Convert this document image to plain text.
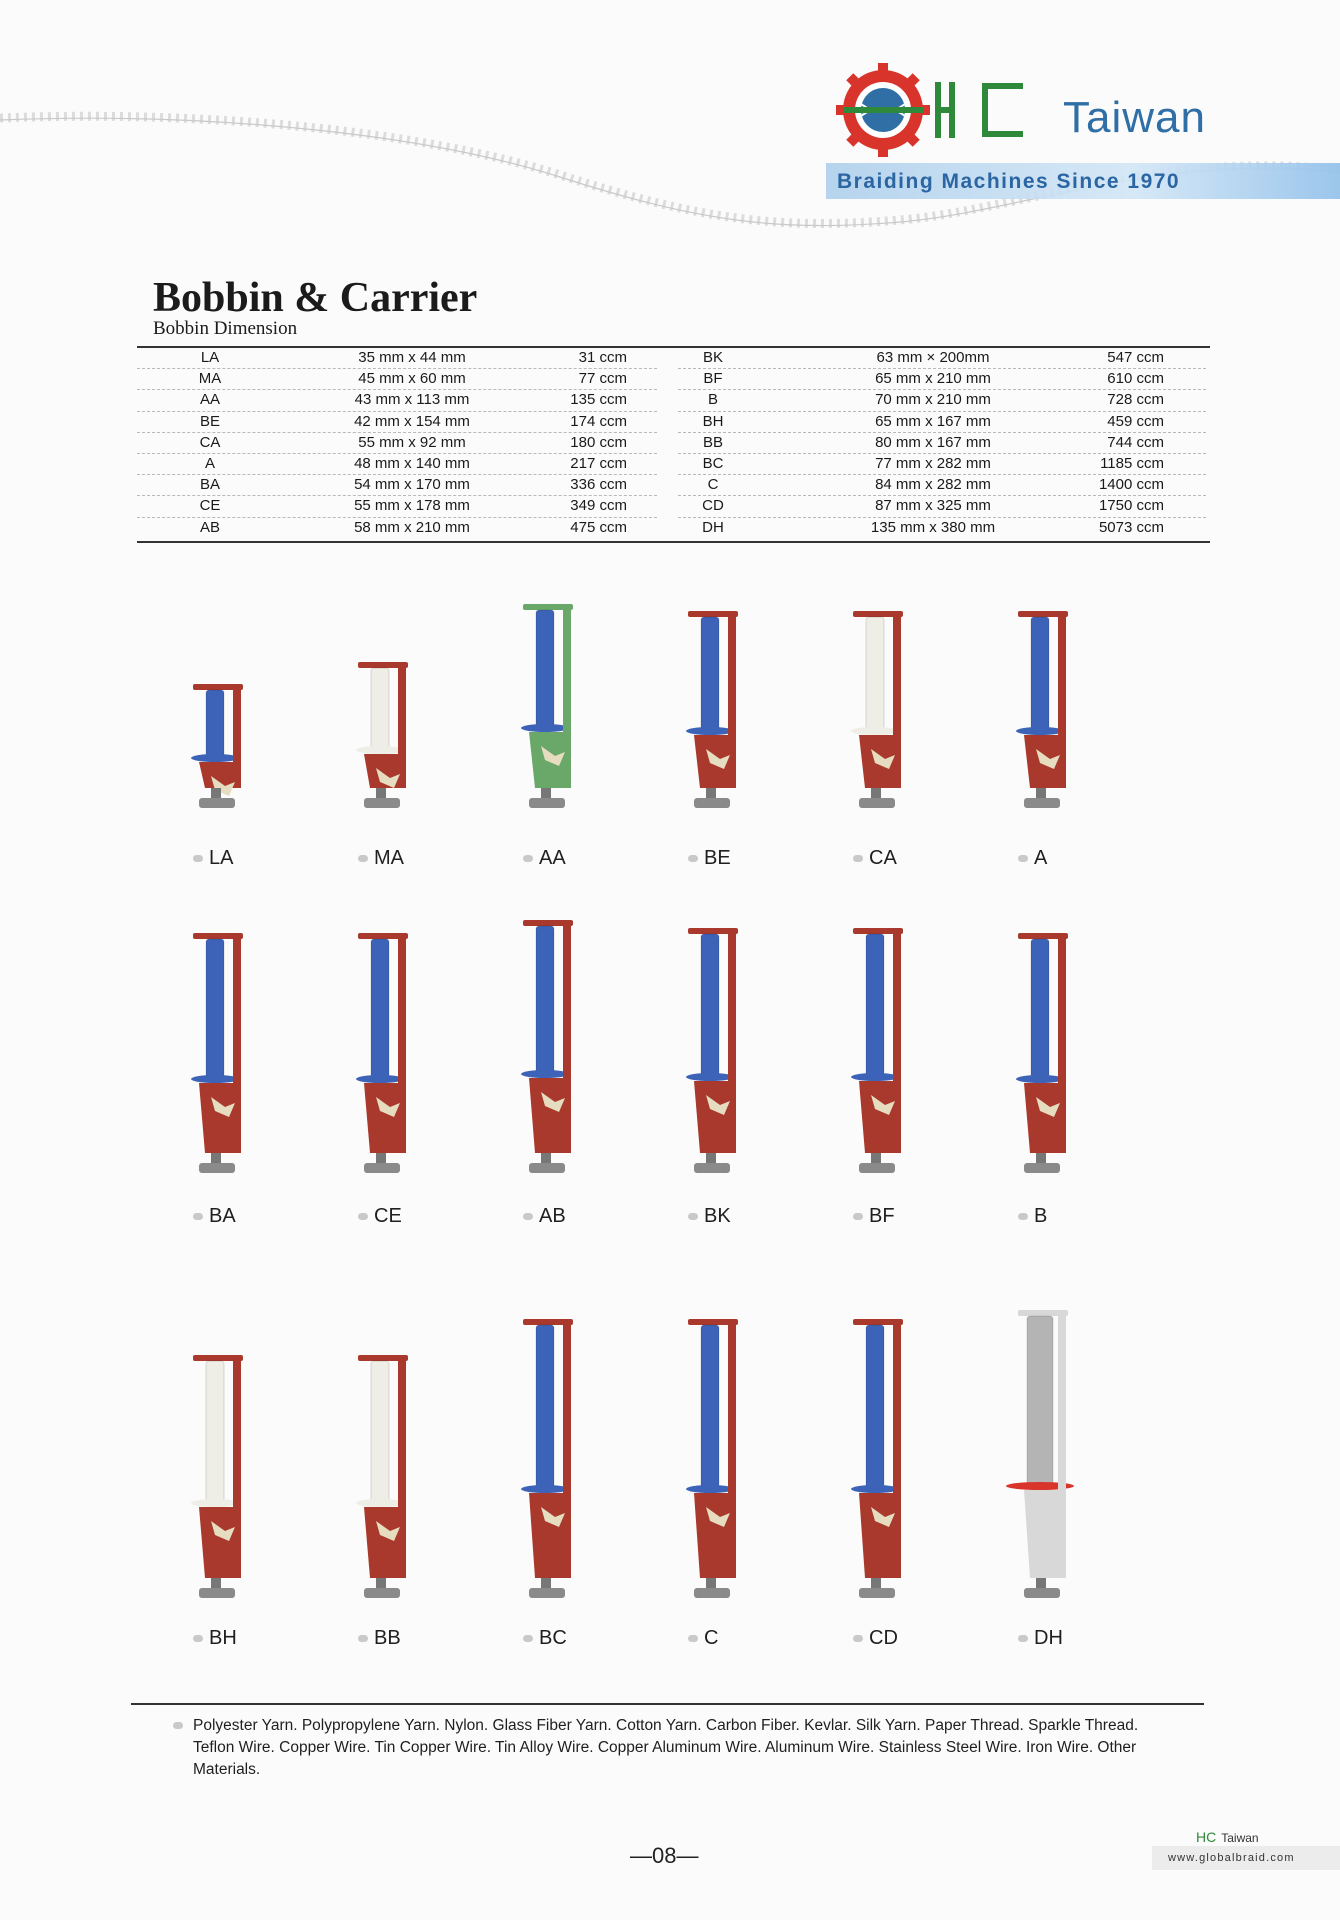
Taiwan
Braiding Machines Since 1970
Bobbin & Carrier
Bobbin Dimension
LA	35 mm x 44 mm	31 ccm
MA	45 mm x 60 mm	77 ccm
AA	43 mm x 113 mm	135 ccm
BE	42 mm x 154 mm	174 ccm
CA	55 mm x 92 mm	180 ccm
A	48 mm x 140 mm	217 ccm
BA	54 mm x 170 mm	336 ccm
CE	55 mm x 178 mm	349 ccm
AB	58 mm x 210 mm	475 ccm
BK	63 mm × 200mm	547 ccm
BF	65 mm x 210 mm	610 ccm
B	70 mm x 210 mm	728 ccm
BH	65 mm x 167 mm	459 ccm
BB	80 mm x 167 mm	744 ccm
BC	77 mm x 282 mm	1185 ccm
C	84 mm x 282 mm	1400 ccm
CD	87 mm x 325 mm	1750 ccm
DH	135 mm x 380 mm	5073 ccm
LA	MA	AA	BE	CA	A
BA	CE	AB	BK	BF	B
BH	BB	BC	C	CD	DH
Polyester Yarn. Polypropylene Yarn. Nylon. Glass Fiber Yarn. Cotton Yarn. Carbon Fiber. Kevlar. Silk Yarn. Paper Thread. Sparkle Thread. Teflon Wire. Copper Wire. Tin Copper Wire. Tin Alloy Wire. Copper Aluminum Wire. Aluminum Wire. Stainless Steel Wire. Iron Wire. Other Materials.
—08—
HC Taiwan
www.globalbraid.com
